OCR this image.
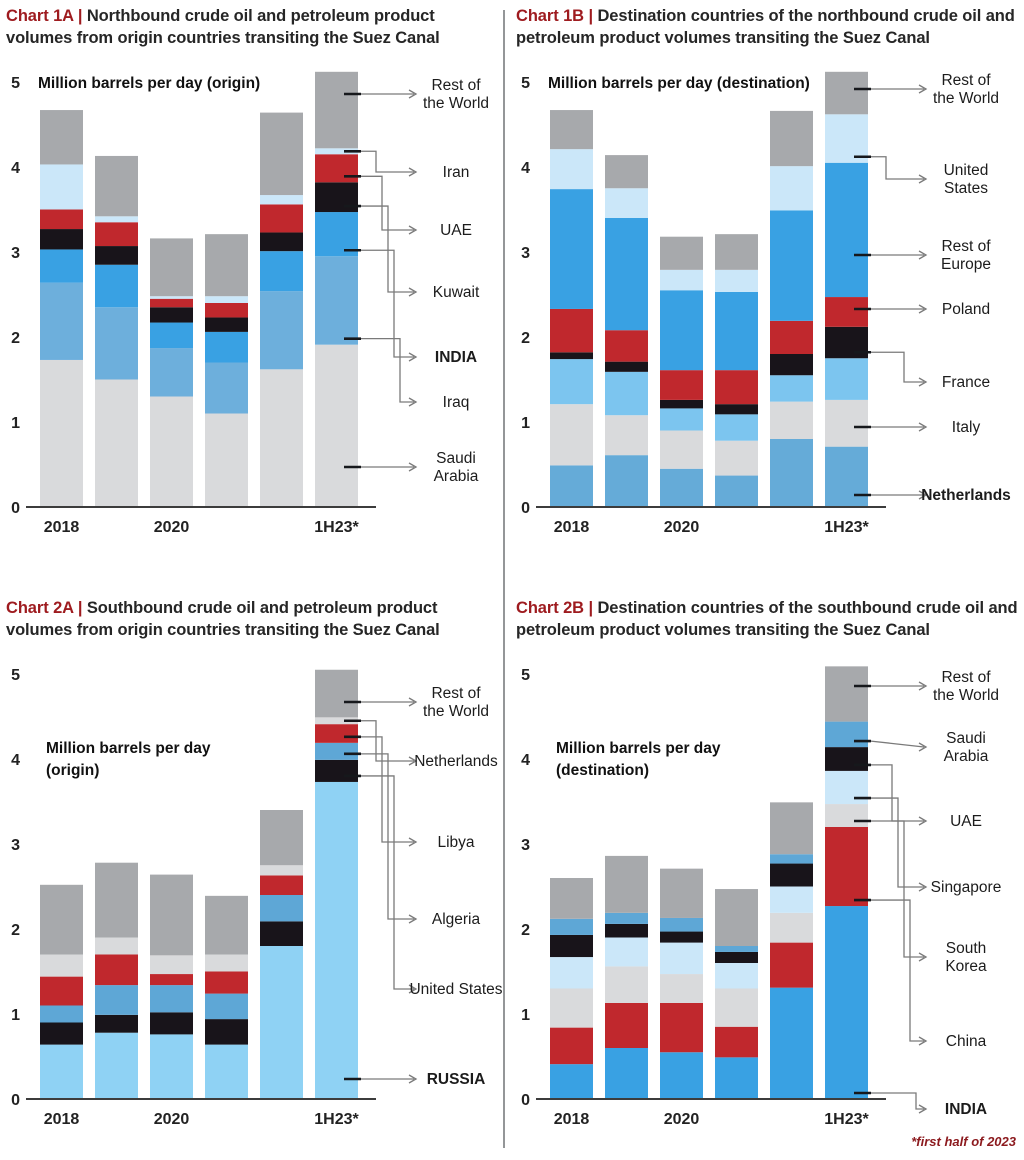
Chart 1A | Northbound crude oil and petroleum product volumes from origin countries transiting the Suez Canal
0
1
2
3
4
5 Million barrels per day (origin)
2018	2020	1H23*
Rest of the World
Iran
UAE
Kuwait
INDIA
Iraq
Saudi Arabia
Chart 1B | Destination countries of the northbound crude oil and petroleum product volumes transiting the Suez Canal
0
1
2
3
4
5 Million barrels per day (destination)
2018	2020	1H23*
Rest of the World
United States
Rest of Europe
Poland
France
Italy
Netherlands
Chart 2A | Southbound crude oil and petroleum product volumes from origin countries transiting the Suez Canal
0
1
2
3
4
5
Million barrels per day
(origin)
2018	2020	1H23*
Rest of the World
Netherlands
Libya
Algeria
United States
RUSSIA
Chart 2B | Destination countries of the southbound crude oil and petroleum product volumes transiting the Suez Canal
0
1
2
3
4
5
Million barrels per day
(destination)
2018	2020	1H23*
Rest of the World
Saudi Arabia
UAE
Singapore
South Korea
China
INDIA
*first half of 2023
